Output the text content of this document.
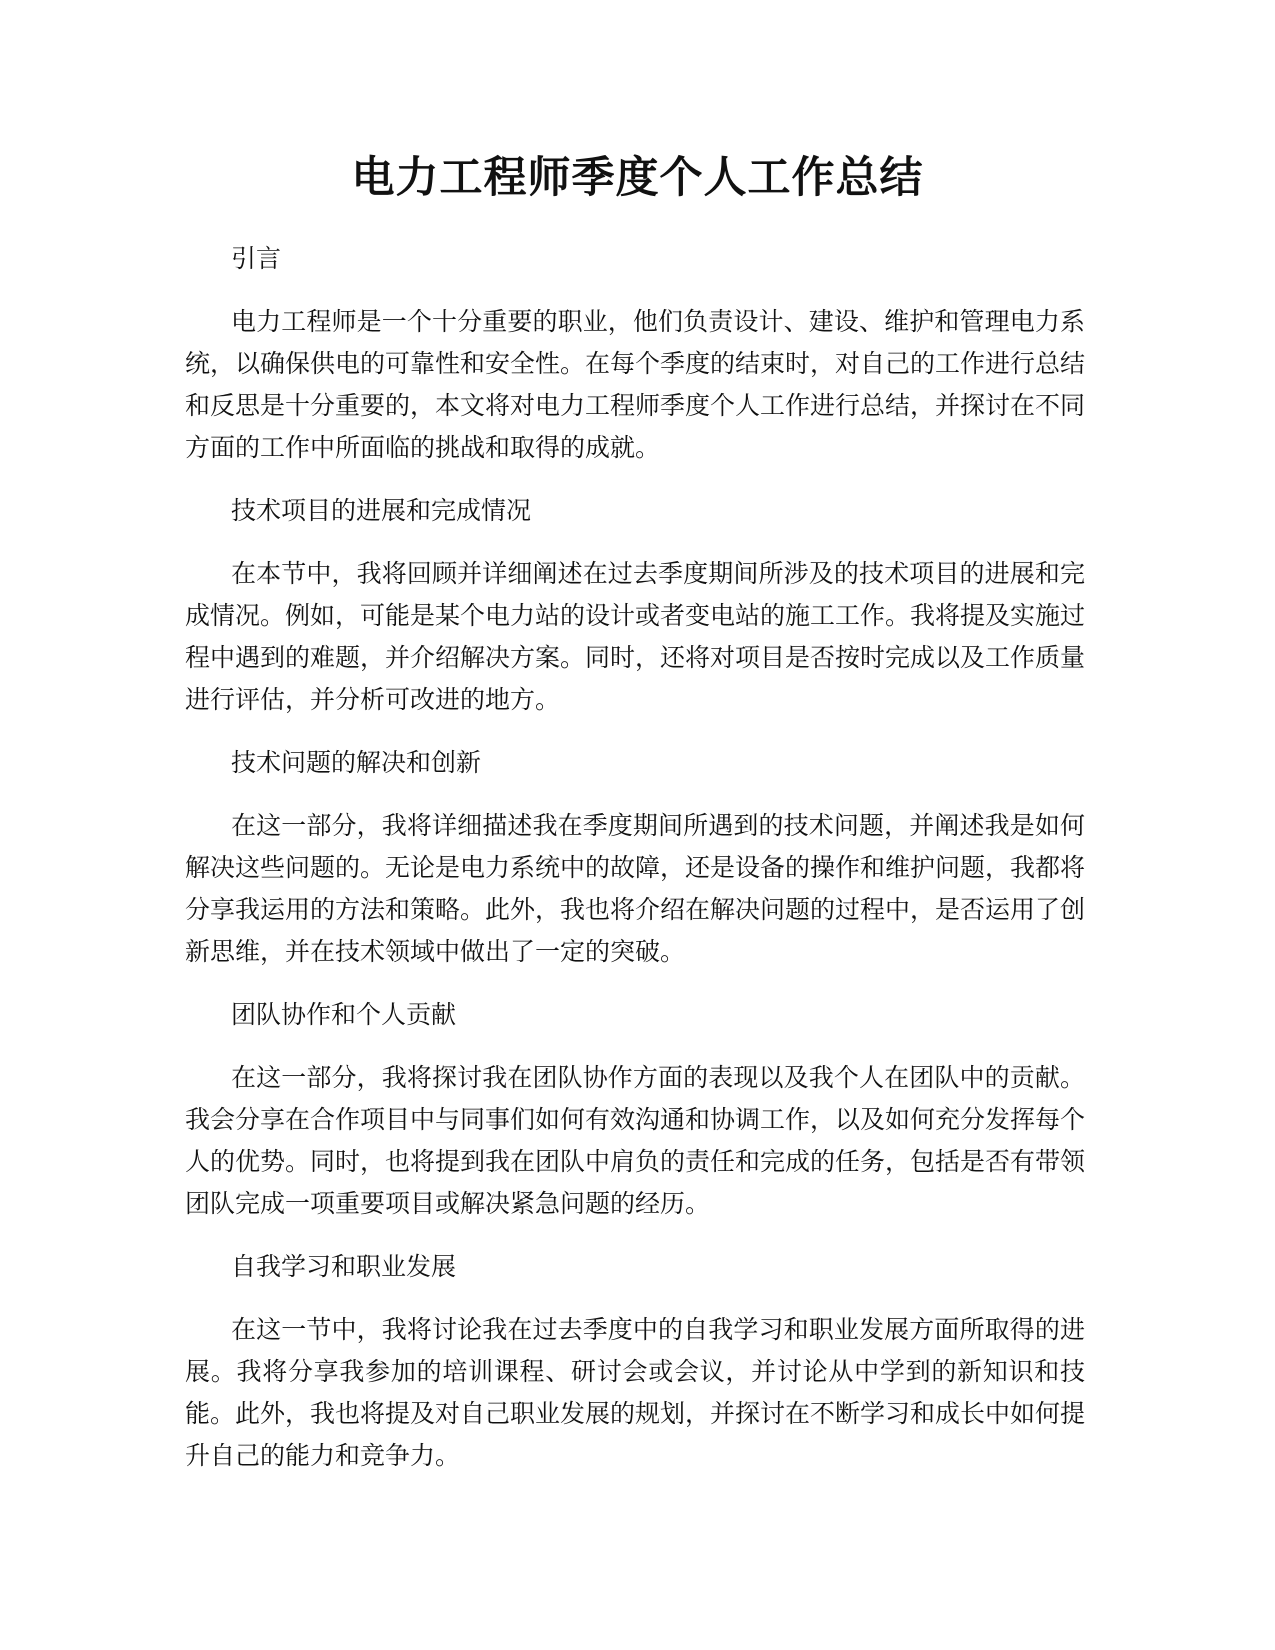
电力工程师季度个人工作总结

引言

电力工程师是一个十分重要的职业，他们负责设计、建设、维护和管理电力系统，以确保供电的可靠性和安全性。在每个季度的结束时，对自己的工作进行总结和反思是十分重要的，本文将对电力工程师季度个人工作进行总结，并探讨在不同方面的工作中所面临的挑战和取得的成就。

技术项目的进展和完成情况

在本节中，我将回顾并详细阐述在过去季度期间所涉及的技术项目的进展和完成情况。例如，可能是某个电力站的设计或者变电站的施工工作。我将提及实施过程中遇到的难题，并介绍解决方案。同时，还将对项目是否按时完成以及工作质量进行评估，并分析可改进的地方。

技术问题的解决和创新

在这一部分，我将详细描述我在季度期间所遇到的技术问题，并阐述我是如何解决这些问题的。无论是电力系统中的故障，还是设备的操作和维护问题，我都将分享我运用的方法和策略。此外，我也将介绍在解决问题的过程中，是否运用了创新思维，并在技术领域中做出了一定的突破。

团队协作和个人贡献

在这一部分，我将探讨我在团队协作方面的表现以及我个人在团队中的贡献。我会分享在合作项目中与同事们如何有效沟通和协调工作，以及如何充分发挥每个人的优势。同时，也将提到我在团队中肩负的责任和完成的任务，包括是否有带领团队完成一项重要项目或解决紧急问题的经历。

自我学习和职业发展

在这一节中，我将讨论我在过去季度中的自我学习和职业发展方面所取得的进展。我将分享我参加的培训课程、研讨会或会议，并讨论从中学到的新知识和技能。此外，我也将提及对自己职业发展的规划，并探讨在不断学习和成长中如何提升自己的能力和竞争力。
